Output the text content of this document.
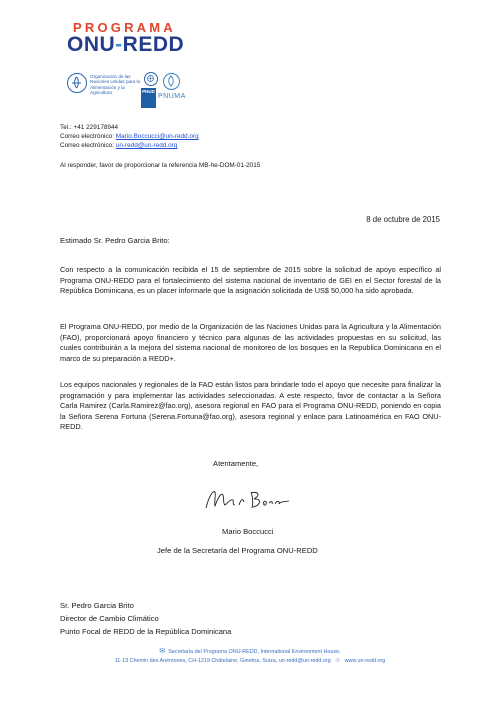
PROGRAMA
ONU-REDD
Organización de las Naciones Unidas para la Alimentación y la Agricultura	PNUD
PNUMA
Tel.: +41 229178944
Correo electrónico: Mario.Boccucci@un-redd.org
Correo electrónico: un-redd@un-redd.org
Al responder, favor de proporcionar la referencia MB-he-DOM-01-2015
8 de octubre de 2015
Estimado Sr. Pedro Garcia Brito:
Con respecto a la comunicación recibida el 15 de septiembre de 2015 sobre la solicitud de apoyo específico al Programa ONU-REDD para el fortalecimiento del sistema nacional de inventario de GEI en el Sector forestal de la República Dominicana, es un placer informarle que la asignación solicitada de US$ 50,000 ha sido aprobada.
El Programa ONU-REDD, por medio de la Organización de las Naciones Unidas para la Agricultura y la Alimentación (FAO), proporcionará apoyo financiero y técnico para algunas de las actividades propuestas en su solicitud, las cuales contribuirán a la mejora del sistema nacional de monitoreo de los bosques en la Republica Dominicana en el marco de su preparación a REDD+.
Los equipos nacionales y regionales de la FAO están listos para brindarle todo el apoyo que necesite para finalizar la programación y para implementar las actividades seleccionadas. A este respecto, favor de contactar a la Señora Carla Ramirez (Carla.Ramirez@fao.org), asesora regional en FAO para el Programa ONU-REDD, poniendo en copia la Señora Serena Fortuna (Serena.Fortuna@fao.org), asesora regional y enlace para Latinoamérica en FAO ONU-REDD.
Atentamente,
Mario Boccucci
Jefe de la Secretaría del Programa ONU-REDD
Sr. Pedro Garcia Brito
Director de Cambio Climático
Punto Focal de REDD de la República Dominicana
✉ Secretaría del Programa ONU-REDD, International Environment House,
11-13 Chemin des Anémones, CH-1219 Châtelaine, Ginebra, Suiza, un-redd@un-redd.org ☉ www.un-redd.org
